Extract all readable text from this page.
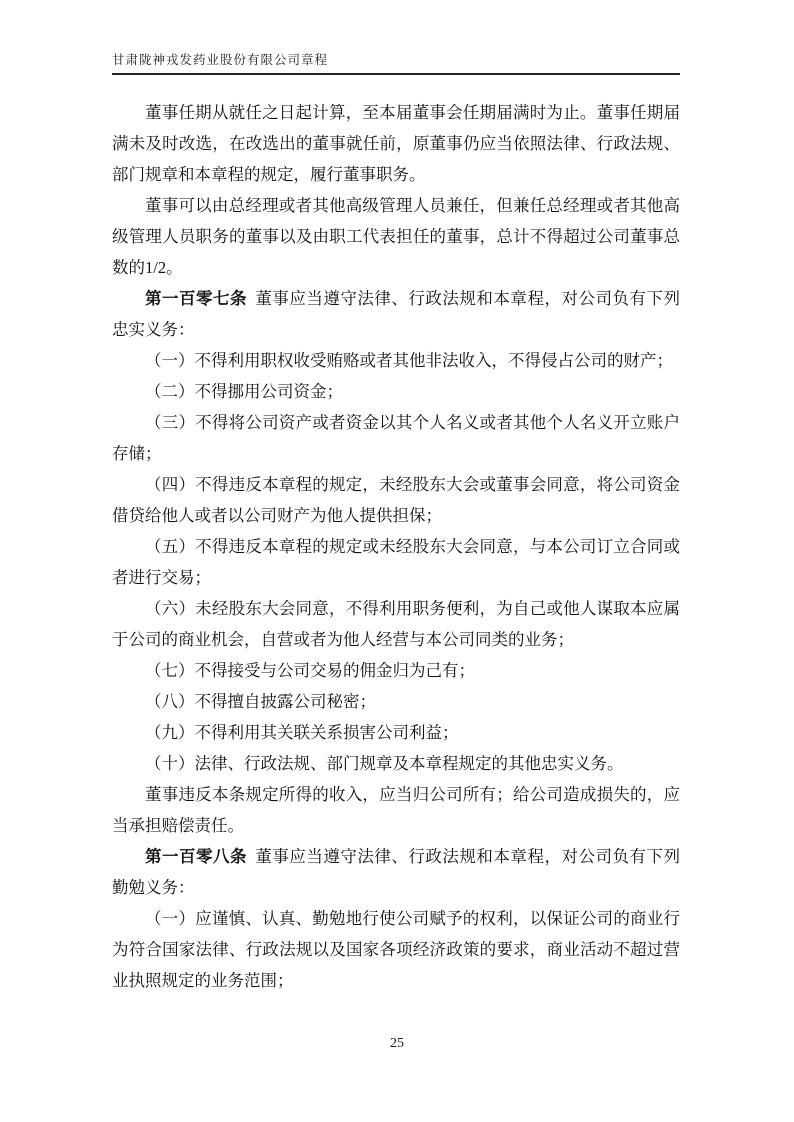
甘肃陇神戎发药业股份有限公司章程

董事任期从就任之日起计算，至本届董事会任期届满时为止。董事任期届满未及时改选，在改选出的董事就任前，原董事仍应当依照法律、行政法规、部门规章和本章程的规定，履行董事职务。

董事可以由总经理或者其他高级管理人员兼任，但兼任总经理或者其他高级管理人员职务的董事以及由职工代表担任的董事，总计不得超过公司董事总数的1/2。

第一百零七条 董事应当遵守法律、行政法规和本章程，对公司负有下列忠实义务：

（一）不得利用职权收受贿赂或者其他非法收入，不得侵占公司的财产；

（二）不得挪用公司资金；

（三）不得将公司资产或者资金以其个人名义或者其他个人名义开立账户存储；

（四）不得违反本章程的规定，未经股东大会或董事会同意，将公司资金借贷给他人或者以公司财产为他人提供担保；

（五）不得违反本章程的规定或未经股东大会同意，与本公司订立合同或者进行交易；

（六）未经股东大会同意，不得利用职务便利，为自己或他人谋取本应属于公司的商业机会，自营或者为他人经营与本公司同类的业务；

（七）不得接受与公司交易的佣金归为己有；

（八）不得擅自披露公司秘密；

（九）不得利用其关联关系损害公司利益；

（十）法律、行政法规、部门规章及本章程规定的其他忠实义务。

董事违反本条规定所得的收入，应当归公司所有；给公司造成损失的，应当承担赔偿责任。

第一百零八条 董事应当遵守法律、行政法规和本章程，对公司负有下列勤勉义务：

（一）应谨慎、认真、勤勉地行使公司赋予的权利，以保证公司的商业行为符合国家法律、行政法规以及国家各项经济政策的要求，商业活动不超过营业执照规定的业务范围；

25
